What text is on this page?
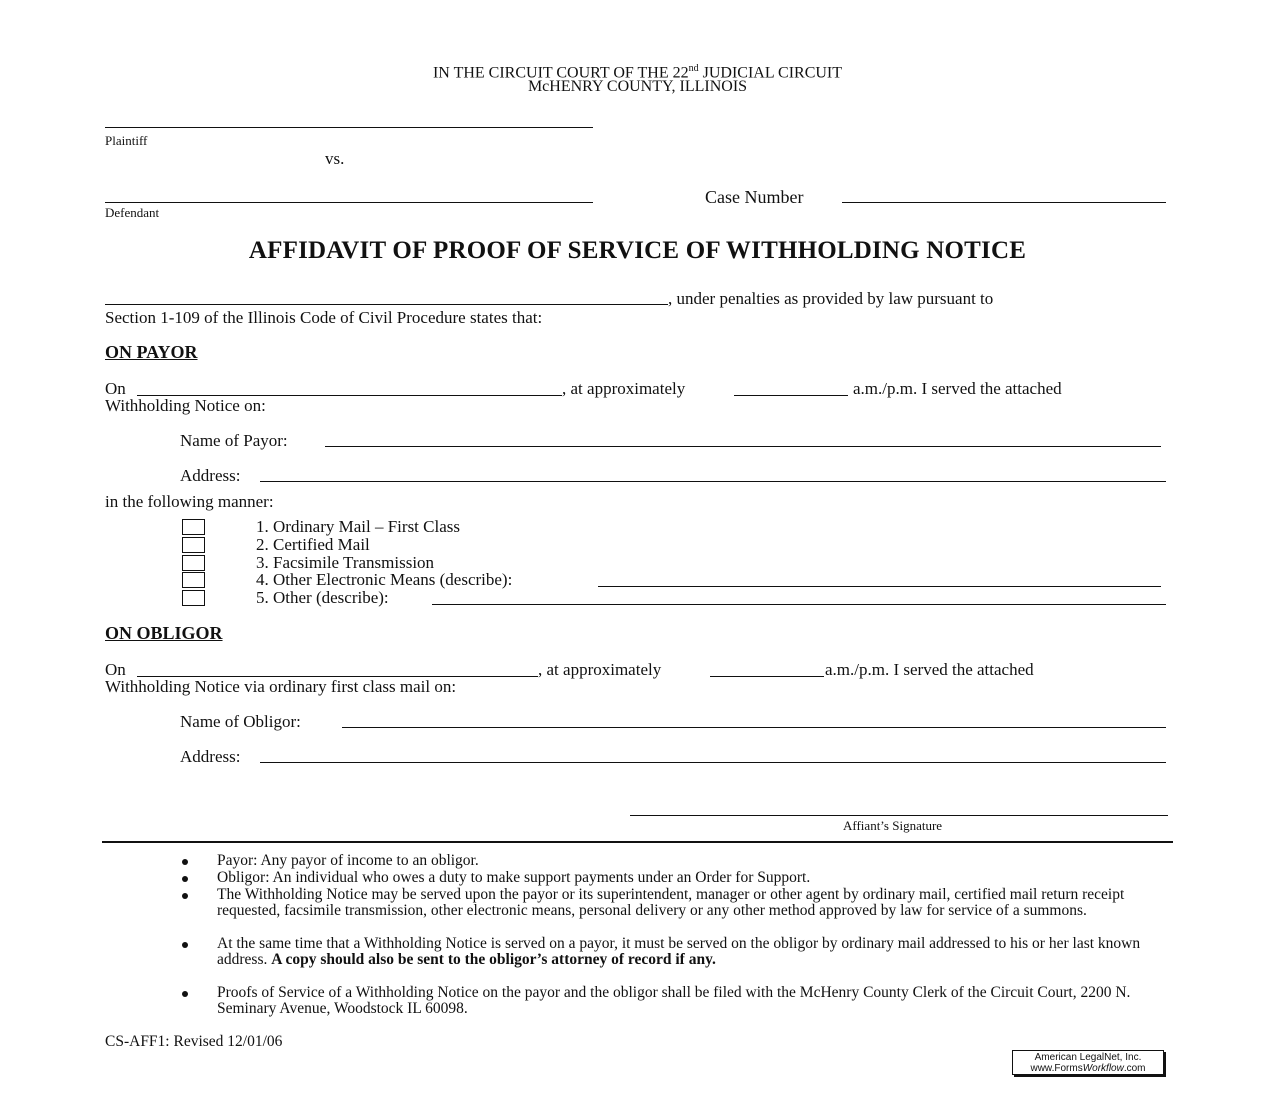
IN THE CIRCUIT COURT OF THE 22nd JUDICIAL CIRCUIT
McHENRY COUNTY, ILLINOIS
Plaintiff
vs.
Defendant
Case Number
AFFIDAVIT OF PROOF OF SERVICE OF WITHHOLDING NOTICE
, under penalties as provided by law pursuant to
Section 1-109 of the Illinois Code of Civil Procedure states that:
ON PAYOR
On	, at approximately	a.m./p.m. I served the attached
Withholding Notice on:
Name of Payor:
Address:
in the following manner:
1. Ordinary Mail – First Class
2. Certified Mail
3. Facsimile Transmission
4. Other Electronic Means (describe):
5. Other (describe):
ON OBLIGOR
On	, at approximately	a.m./p.m. I served the attached
Withholding Notice via ordinary first class mail on:
Name of Obligor:
Address:
Affiant’s Signature
Payor: Any payor of income to an obligor.
Obligor: An individual who owes a duty to make support payments under an Order for Support.
The Withholding Notice may be served upon the payor or its superintendent, manager or other agent by ordinary mail, certified mail return receipt requested, facsimile transmission, other electronic means, personal delivery or any other method approved by law for service of a summons.
At the same time that a Withholding Notice is served on a payor, it must be served on the obligor by ordinary mail addressed to his or her last known address. A copy should also be sent to the obligor’s attorney of record if any.
Proofs of Service of a Withholding Notice on the payor and the obligor shall be filed with the McHenry County Clerk of the Circuit Court, 2200 N. Seminary Avenue, Woodstock IL 60098.
CS-AFF1: Revised 12/01/06
American LegalNet, Inc.
www.FormsWorkflow.com
